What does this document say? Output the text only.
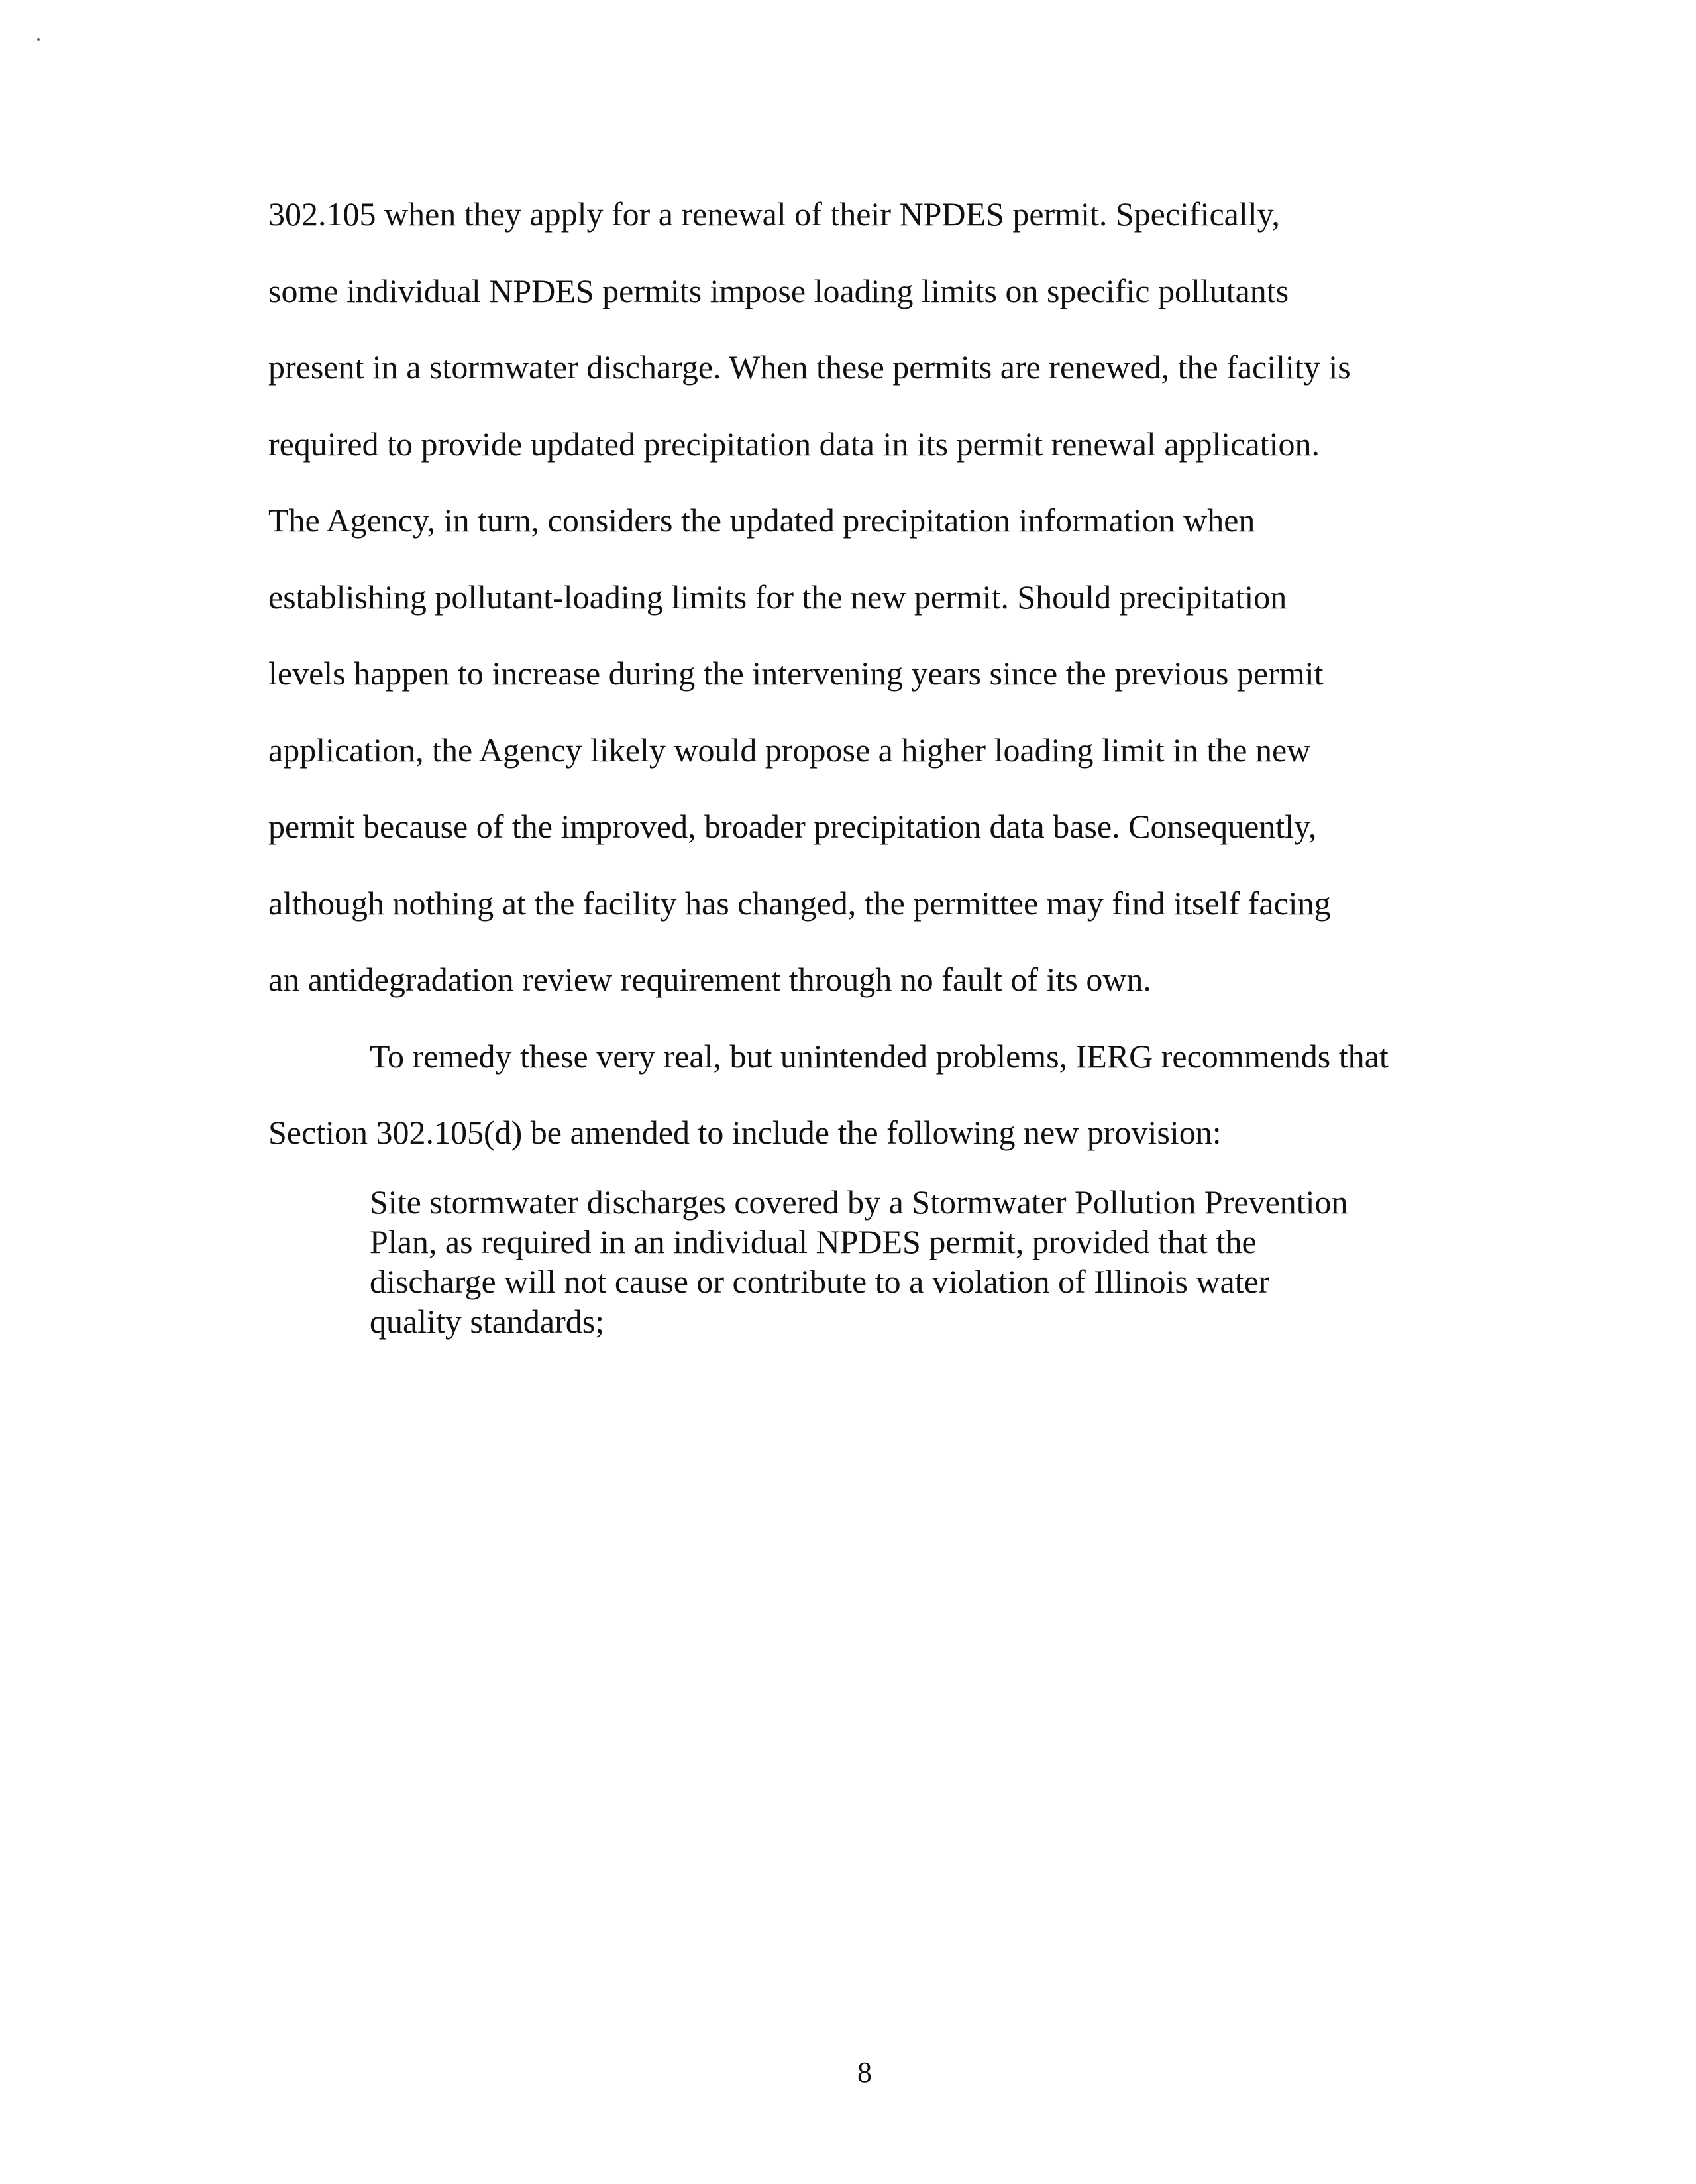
302.105 when they apply for a renewal of their NPDES permit. Specifically,
some individual NPDES permits impose loading limits on specific pollutants
present in a stormwater discharge. When these permits are renewed, the facility is
required to provide updated precipitation data in its permit renewal application.
The Agency, in turn, considers the updated precipitation information when
establishing pollutant-loading limits for the new permit. Should precipitation
levels happen to increase during the intervening years since the previous permit
application, the Agency likely would propose a higher loading limit in the new
permit because of the improved, broader precipitation data base. Consequently,
although nothing at the facility has changed, the permittee may find itself facing
an antidegradation review requirement through no fault of its own.
To remedy these very real, but unintended problems, IERG recommends that
Section 302.105(d) be amended to include the following new provision:
Site stormwater discharges covered by a Stormwater Pollution Prevention
Plan, as required in an individual NPDES permit, provided that the
discharge will not cause or contribute to a violation of Illinois water
quality standards;
8
